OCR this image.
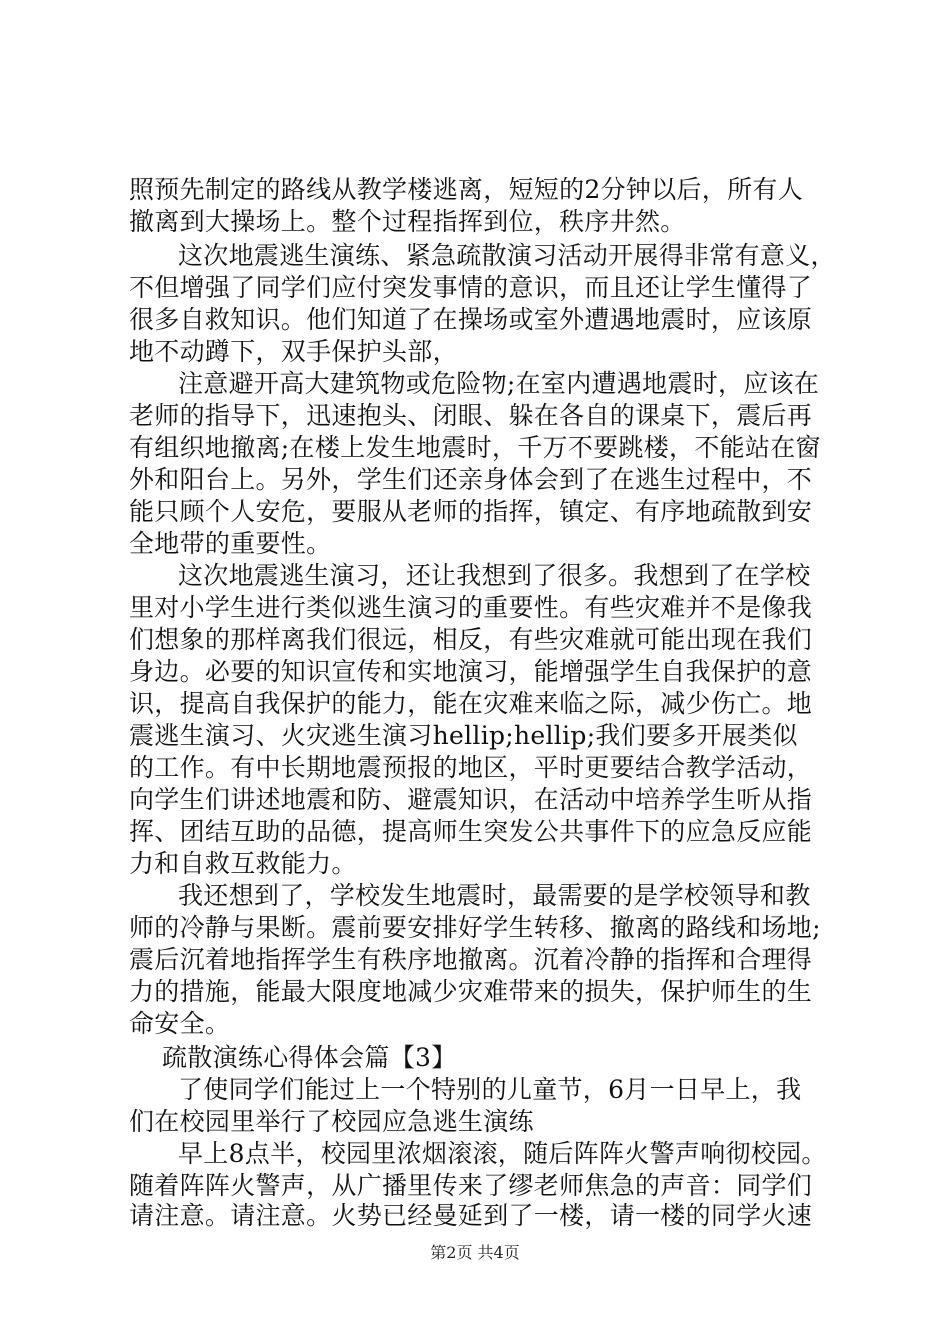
照预先制定的路线从教学楼逃离，短短的2分钟以后，所有人
撤离到大操场上。整个过程指挥到位，秩序井然。
这次地震逃生演练、紧急疏散演习活动开展得非常有意义，
不但增强了同学们应付突发事情的意识，而且还让学生懂得了
很多自救知识。他们知道了在操场或室外遭遇地震时，应该原
地不动蹲下，双手保护头部，
注意避开高大建筑物或危险物;在室内遭遇地震时，应该在
老师的指导下，迅速抱头、闭眼、躲在各自的课桌下，震后再
有组织地撤离;在楼上发生地震时，千万不要跳楼，不能站在窗
外和阳台上。另外，学生们还亲身体会到了在逃生过程中，不
能只顾个人安危，要服从老师的指挥，镇定、有序地疏散到安
全地带的重要性。
这次地震逃生演习，还让我想到了很多。我想到了在学校
里对小学生进行类似逃生演习的重要性。有些灾难并不是像我
们想象的那样离我们很远，相反，有些灾难就可能出现在我们
身边。必要的知识宣传和实地演习，能增强学生自我保护的意
识，提高自我保护的能力，能在灾难来临之际，减少伤亡。地
震逃生演习、火灾逃生演习hellip;hellip;我们要多开展类似
的工作。有中长期地震预报的地区，平时更要结合教学活动，
向学生们讲述地震和防、避震知识，在活动中培养学生听从指
挥、团结互助的品德，提高师生突发公共事件下的应急反应能
力和自救互救能力。
我还想到了，学校发生地震时，最需要的是学校领导和教
师的冷静与果断。震前要安排好学生转移、撤离的路线和场地;
震后沉着地指挥学生有秩序地撤离。沉着冷静的指挥和合理得
力的措施，能最大限度地减少灾难带来的损失，保护师生的生
命安全。
疏散演练心得体会篇【3】
了使同学们能过上一个特别的儿童节，6月一日早上，我
们在校园里举行了校园应急逃生演练
早上8点半，校园里浓烟滚滚，随后阵阵火警声响彻校园。
随着阵阵火警声，从广播里传来了缪老师焦急的声音：同学们
请注意。请注意。火势已经曼延到了一楼，请一楼的同学火速
第2页 共4页
